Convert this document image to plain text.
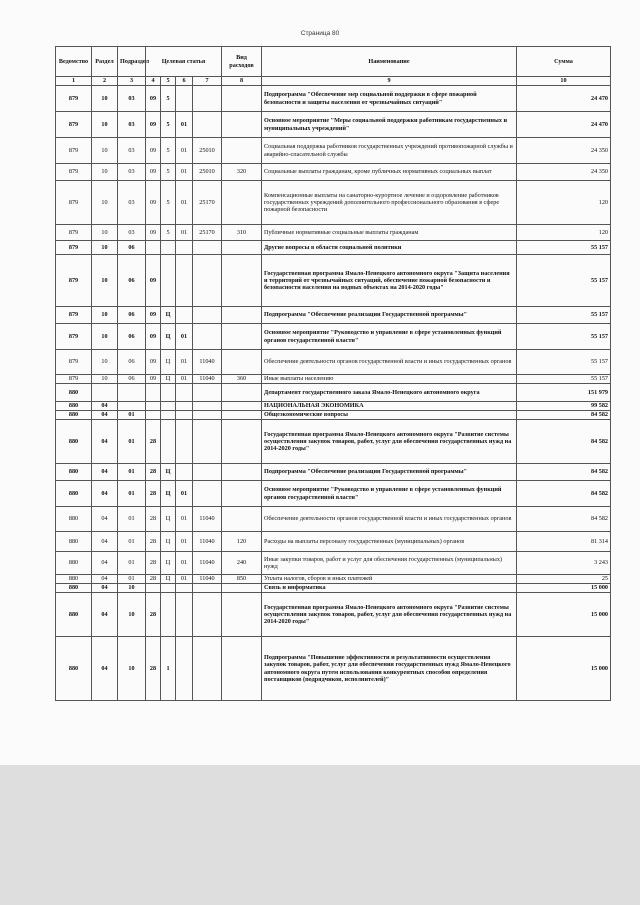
Страница 80
Ведомство	Раздел	Подраздел	Целевая статья				Вид расходов	Наименование	Сумма
1	2	3	4	5	6	7	8	9	10
879	10	03	09	5				Подпрограмма "Обеспечение мер социальной поддержки в сфере пожарной безопасности и защиты населения от чрезвычайных ситуаций"	24 470
879	10	03	09	5	01			Основное мероприятие "Меры социальной поддержки работникам государственных и муниципальных учреждений"	24 470
879	10	03	09	5	01	25010		Социальная поддержка работников государственных учреждений противопожарной службы и аварийно-спасательной службы	24 350
879	10	03	09	5	01	25010	320	Социальные выплаты гражданам, кроме публичных нормативных социальных выплат	24 350
879	10	03	09	5	01	25170		Компенсационные выплаты на санаторно-курортное лечение и оздоровление работников государственных учреждений дополнительного профессионального образования в сфере пожарной безопасности	120
879	10	03	09	5	01	25170	310	Публичные нормативные социальные выплаты гражданам	120
879	10	06						Другие вопросы в области социальной политики	55 157
879	10	06	09					Государственная программа Ямало-Ненецкого автономного округа "Защита населения и территорий от чрезвычайных ситуаций, обеспечение пожарной безопасности и безопасности населения на водных объектах на 2014-2020 годы"	55 157
879	10	06	09	Ц				Подпрограмма "Обеспечение реализации Государственной программы"	55 157
879	10	06	09	Ц	01			Основное мероприятие "Руководство и управление в сфере установленных функций органов государственной власти"	55 157
879	10	06	09	Ц	01	11040		Обеспечение деятельности органов государственной власти и иных государственных органов	55 157
879	10	06	09	Ц	01	11040	360	Иные выплаты населению	55 157
880								Департамент государственного заказа Ямало-Ненецкого автономного округа	151 979
880	04							НАЦИОНАЛЬНАЯ ЭКОНОМИКА	99 582
880	04	01						Общеэкономические вопросы	84 582
880	04	01	28					Государственная программа Ямало-Ненецкого автономного округа "Развитие системы осуществления закупок товаров, работ, услуг для обеспечения государственных нужд на 2014-2020 годы"	84 582
880	04	01	28	Ц				Подпрограмма "Обеспечение реализации Государственной программы"	84 582
880	04	01	28	Ц	01			Основное мероприятие "Руководство и управление в сфере установленных функций органов государственной власти"	84 582
880	04	01	28	Ц	01	11040		Обеспечение деятельности органов государственной власти и иных государственных органов	84 582
880	04	01	28	Ц	01	11040	120	Расходы на выплаты персоналу государственных (муниципальных) органов	81 314
880	04	01	28	Ц	01	11040	240	Иные закупки товаров, работ и услуг для обеспечения государственных (муниципальных) нужд	3 243
880	04	01	28	Ц	01	11040	850	Уплата налогов, сборов и иных платежей	25
880	04	10						Связь и информатика	15 000
880	04	10	28					Государственная программа Ямало-Ненецкого автономного округа "Развитие системы осуществления закупок товаров, работ, услуг для обеспечения государственных нужд на 2014-2020 годы"	15 000
880	04	10	28	1				Подпрограмма "Повышение эффективности и результативности осуществления закупок товаров, работ, услуг для обеспечения государственных нужд Ямало-Ненецкого автономного округа путем использования конкурентных способов определения поставщиков (подрядчиков, исполнителей)"	15 000
